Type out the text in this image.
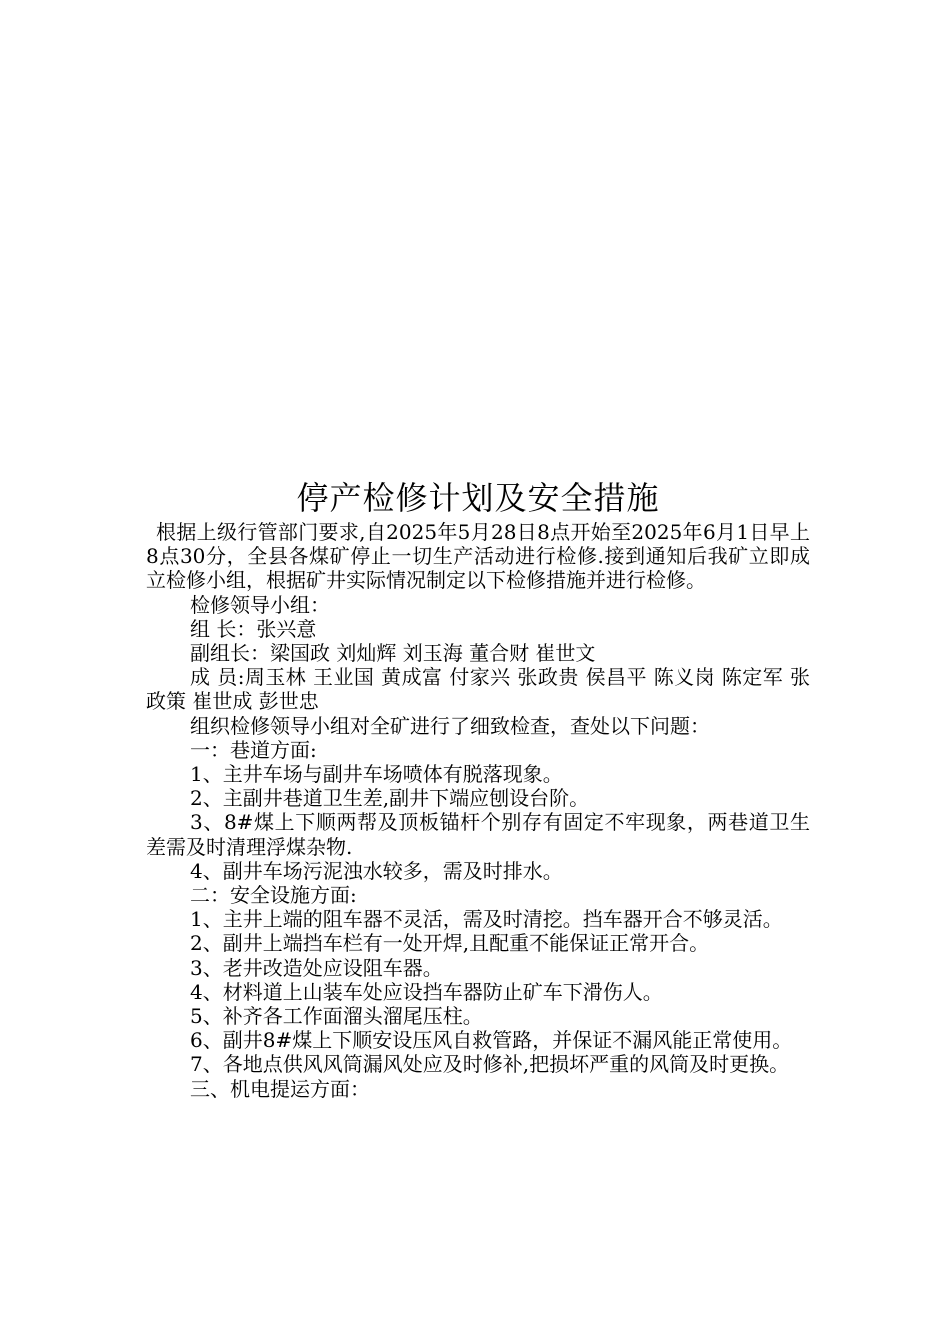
停产检修计划及安全措施

根据上级行管部门要求,自2025年5月28日8点开始至2025年6月1日早上8点30分，全县各煤矿停止一切生产活动进行检修.接到通知后我矿立即成立检修小组，根据矿井实际情况制定以下检修措施并进行检修。

检修领导小组：

组 长：张兴意

副组长：梁国政 刘灿辉 刘玉海 董合财 崔世文

成 员:周玉林 王业国 黄成富 付家兴 张政贵 侯昌平 陈义岗 陈定军 张政策 崔世成 彭世忠

组织检修领导小组对全矿进行了细致检查，查处以下问题：

一：巷道方面:

1、主井车场与副井车场喷体有脱落现象。

2、主副井巷道卫生差,副井下端应刨设台阶。

3、8#煤上下顺两帮及顶板锚杆个别存有固定不牢现象，两巷道卫生差需及时清理浮煤杂物.

4、副井车场污泥浊水较多，需及时排水。

二：安全设施方面:

1、主井上端的阻车器不灵活，需及时清挖。挡车器开合不够灵活。

2、副井上端挡车栏有一处开焊,且配重不能保证正常开合。

3、老井改造处应设阻车器。

4、材料道上山装车处应设挡车器防止矿车下滑伤人。

5、补齐各工作面溜头溜尾压柱。

6、副井8#煤上下顺安设压风自救管路，并保证不漏风能正常使用。

7、各地点供风风筒漏风处应及时修补,把损坏严重的风筒及时更换。

三、机电提运方面：
